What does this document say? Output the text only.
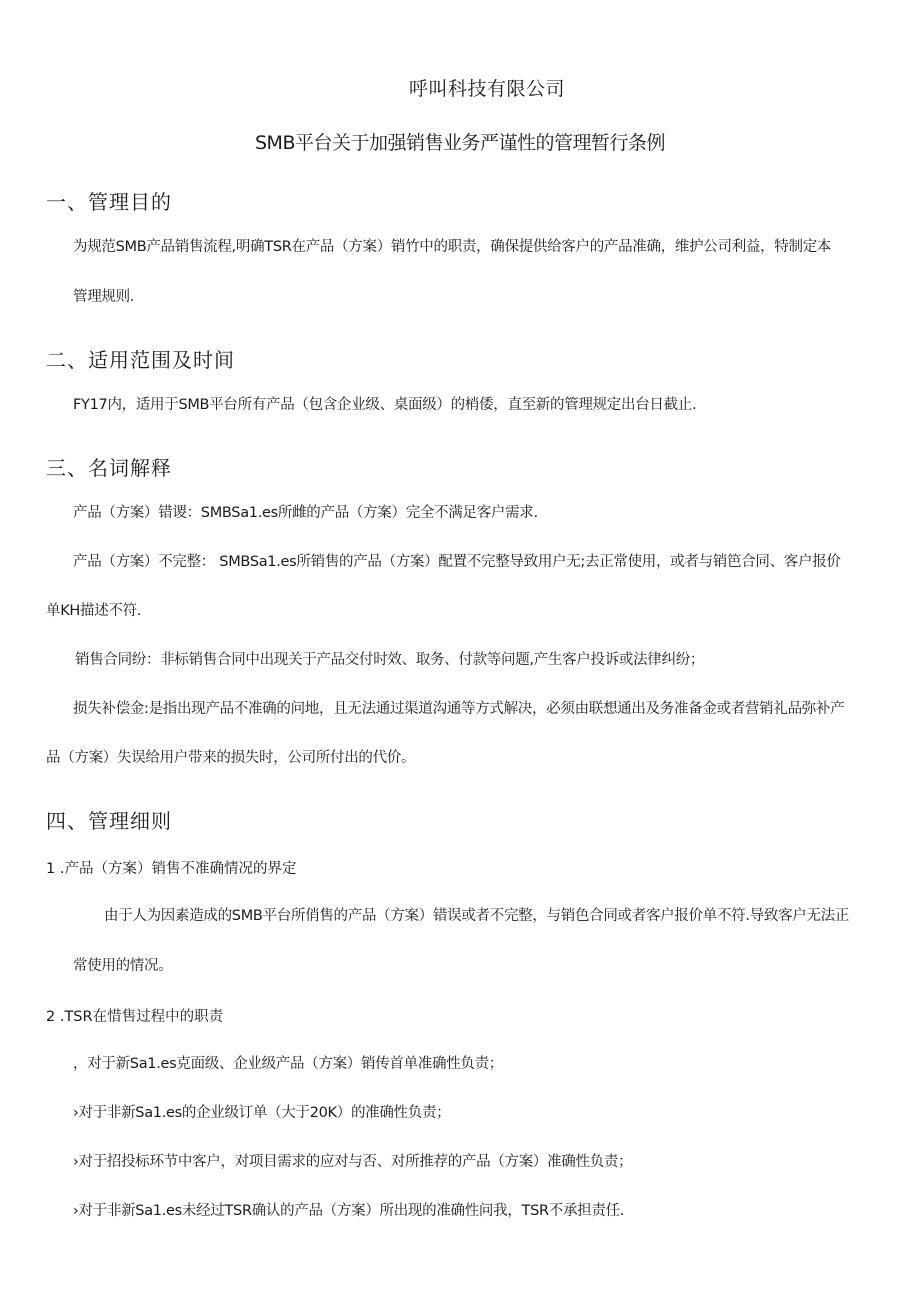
呼叫科技有限公司
SMB平台关于加强销售业务严谨性的管理暂行条例
一、管理目的
为规范SMB产品销售流程,明确TSR在产品（方案）销竹中的职责，确保提供给客户的产品准确，维护公司利益，特制定本
管理规则.
二、适用范围及时间
FY17内，适用于SMB平台所有产品（包含企业级、桌面级）的梢倭，直至新的管理规定出台日截止.
三、名词解释
产品（方案）错谡：SMBSa1.es所雌的产品（方案）完全不满足客户需求.
产品（方案）不完整： SMBSa1.es所销售的产品（方案）配置不完整导致用户无;去正常使用，或者与销笆合同、客户报价
单KH描述不符.
销售合同纷：非标销售合同中出现关于产品交付时效、取务、付款等问题,产生客户投诉或法律纠纷；
损失补偿金:是指出现产品不准确的问地，且无法通过渠道沟通等方式解决，必须由联想通出及务准备金或者营销礼品弥补产
品（方案）失误给用户带来的损失时，公司所付出的代价。
四、管理细则
1 .产品（方案）销售不准确情况的界定
由于人为因素造成的SMB平台所俏售的产品（方案）错误或者不完整，与销色合同或者客户报价单不符.导致客户无法正
常使用的情况。
2 .TSR在惜售过程中的职责
，对于新Sa1.es克面级、企业级产品（方案）销传首单准确性负责；
›对于非新Sa1.es的企业级订单（大于20K）的准确性负责；
›对于招投标环节中客户，对项目需求的应对与否、对所推荐的产品（方案）准确性负责；
›对于非新Sa1.es未经过TSR确认的产品（方案）所出现的准确性问我，TSR不承担责任.
